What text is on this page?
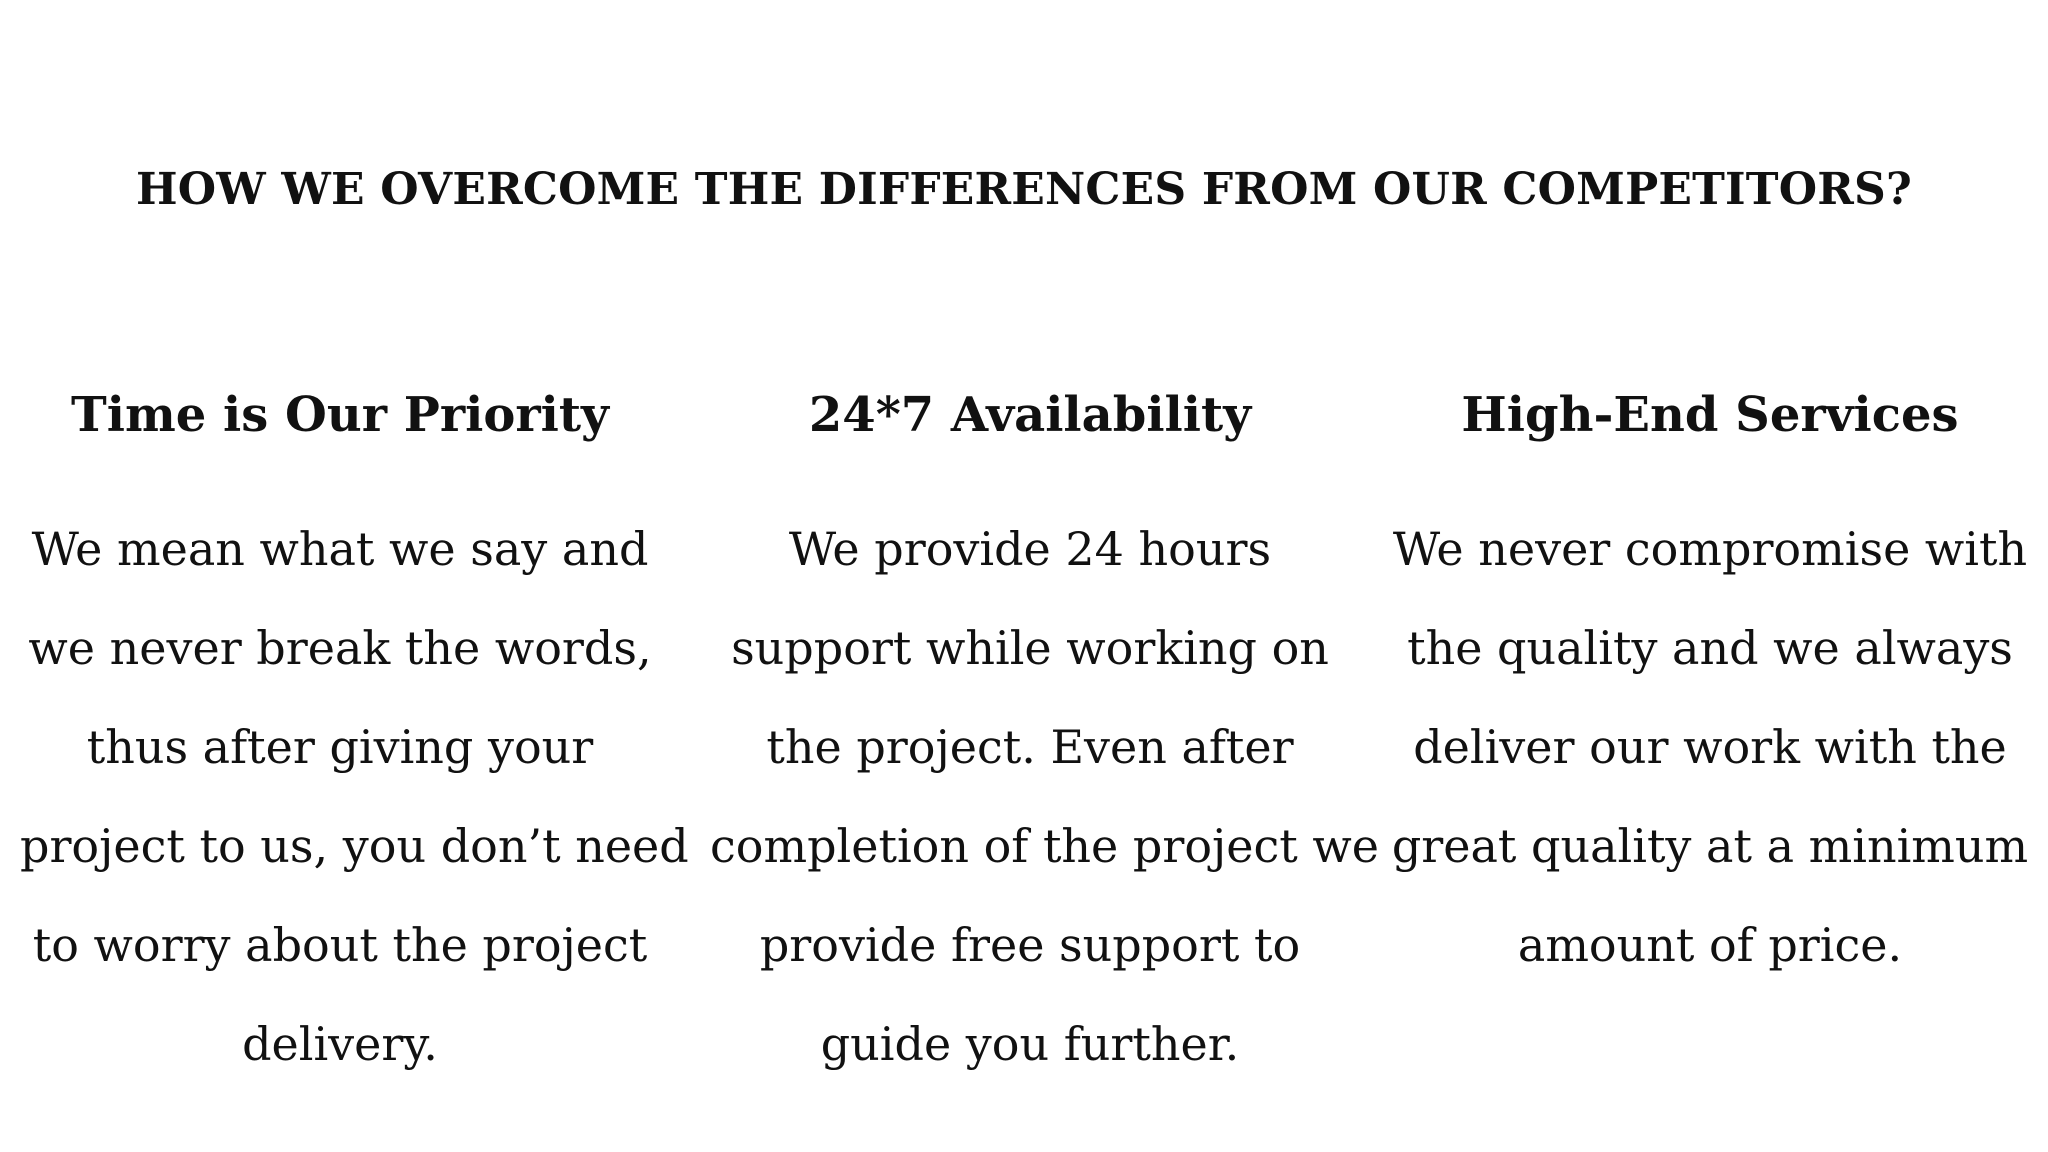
HOW WE OVERCOME THE DIFFERENCES FROM OUR COMPETITORS?
Time is Our Priority
We mean what we say and
we never break the words,
thus after giving your
project to us, you don’t need
to worry about the project
delivery.
24*7 Availability
We provide 24 hours
support while working on
the project. Even after
completion of the project we
provide free support to
guide you further.
High-End Services
We never compromise with
the quality and we always
deliver our work with the
great quality at a minimum
amount of price.
